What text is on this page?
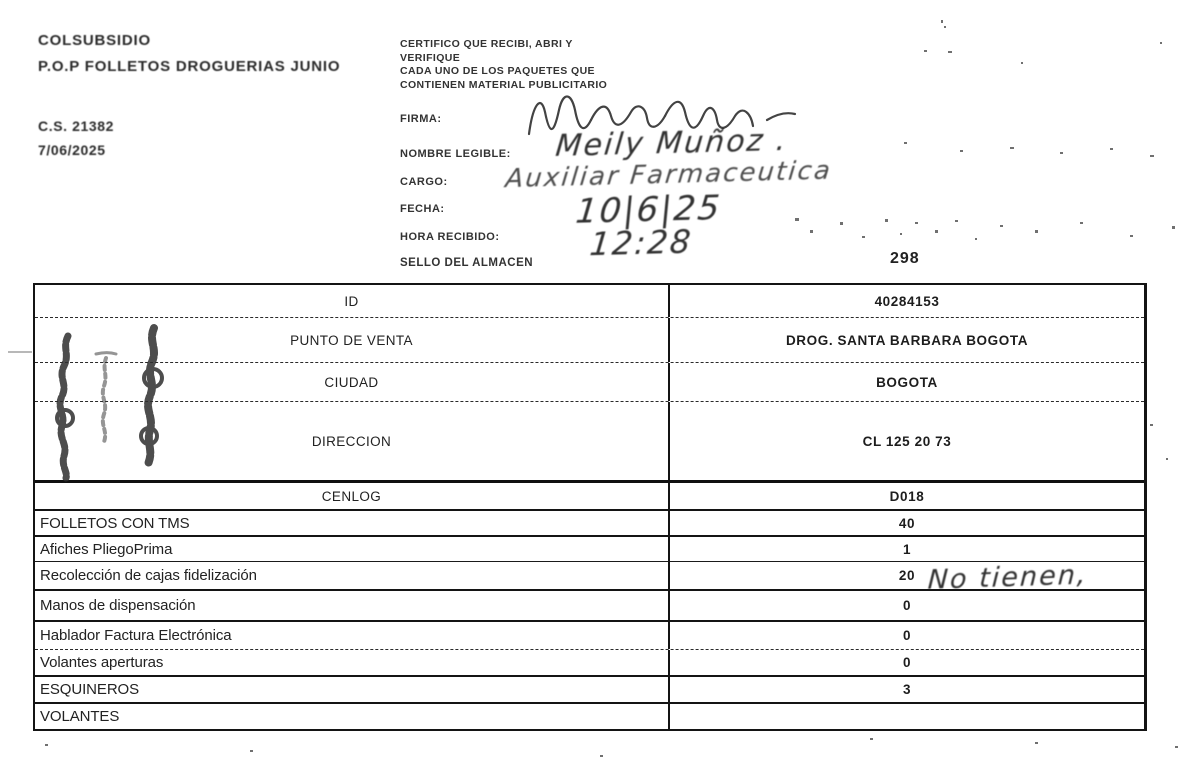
COLSUBSIDIO
P.O.P FOLLETOS DROGUERIAS JUNIO
C.S. 21382
7/06/2025
CERTIFICO QUE RECIBI, ABRI Y
VERIFIQUE
CADA UNO DE LOS PAQUETES QUE
CONTIENEN MATERIAL PUBLICITARIO
FIRMA:
NOMBRE LEGIBLE:
CARGO:
FECHA:
HORA RECIBIDO:
SELLO DEL ALMACEN
Meily Muñoz .
Auxiliar Farmaceutica
10|6|25
12:28	298
ID	40284153
PUNTO DE VENTA	DROG. SANTA BARBARA BOGOTA
CIUDAD	BOGOTA
DIRECCION	CL 125 20 73
CENLOG	D018
FOLLETOS CON TMS	40
Afiches PliegoPrima	1
Recolección de cajas fidelización	20
Manos de dispensación	0
Hablador Factura Electrónica	0
Volantes aperturas	0
ESQUINEROS	3
VOLANTES
No tienen,
